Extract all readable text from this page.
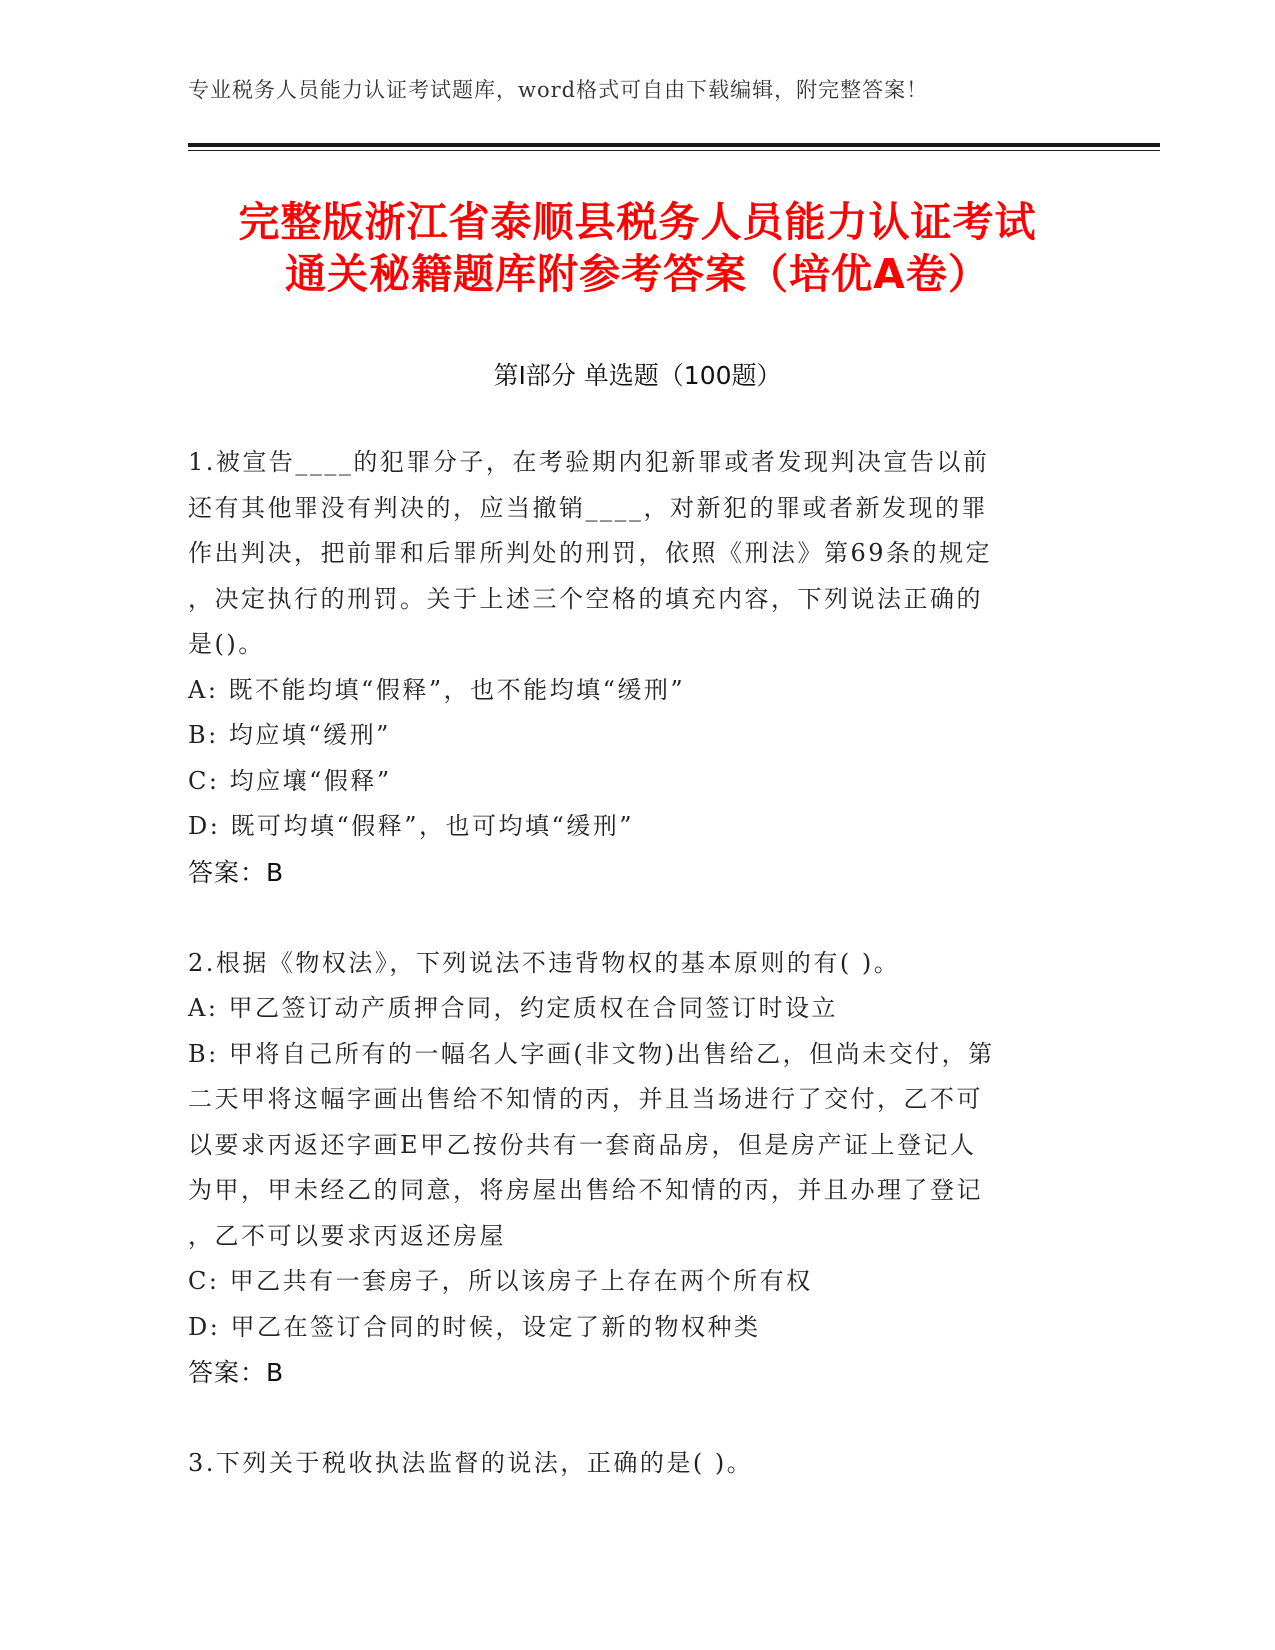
专业税务人员能力认证考试题库，word格式可自由下载编辑，附完整答案！
完整版浙江省泰顺县税务人员能力认证考试
通关秘籍题库附参考答案（培优A卷）
第Ⅰ部分 单选题（100题）
1.被宣告____的犯罪分子，在考验期内犯新罪或者发现判决宣告以前
还有其他罪没有判决的，应当撤销____，对新犯的罪或者新发现的罪
作出判决，把前罪和后罪所判处的刑罚，依照《刑法》第69条的规定
，决定执行的刑罚。关于上述三个空格的填充内容，下列说法正确的
是()。
A: 既不能均填“假释”，也不能均填“缓刑”
B: 均应填“缓刑”
C: 均应壤“假释”
D: 既可均填“假释”，也可均填“缓刑”
答案：B
2.根据《物权法》，下列说法不违背物权的基本原则的有( )。
A: 甲乙签订动产质押合同，约定质权在合同签订时设立
B: 甲将自己所有的一幅名人字画(非文物)出售给乙，但尚未交付，第
二天甲将这幅字画出售给不知情的丙，并且当场进行了交付，乙不可
以要求丙返还字画E甲乙按份共有一套商品房，但是房产证上登记人
为甲，甲未经乙的同意，将房屋出售给不知情的丙，并且办理了登记
，乙不可以要求丙返还房屋
C: 甲乙共有一套房子，所以该房子上存在两个所有权
D: 甲乙在签订合同的时候，设定了新的物权种类
答案：B
3.下列关于税收执法监督的说法，正确的是( )。
